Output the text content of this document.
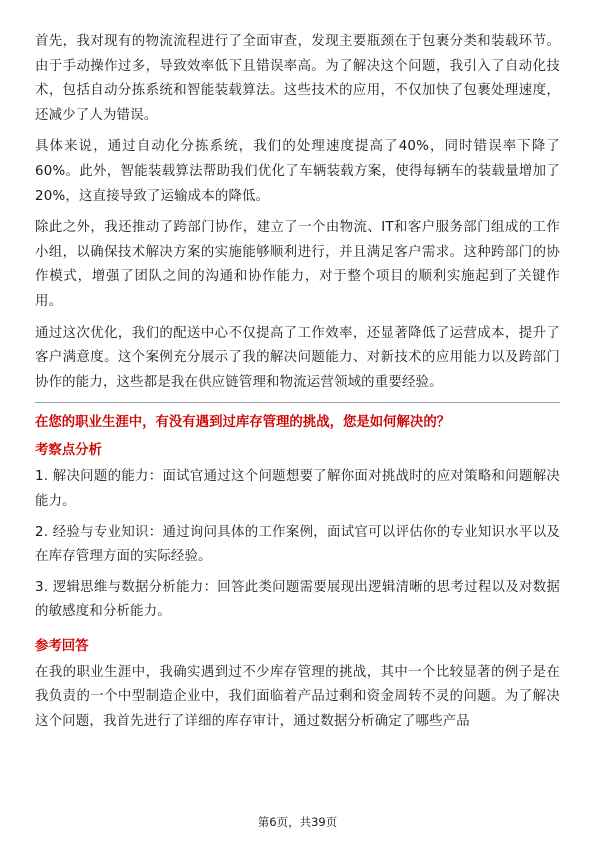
首先，我对现有的物流流程进行了全面审查，发现主要瓶颈在于包裹分类和装载环节。由于手动操作过多，导致效率低下且错误率高。为了解决这个问题，我引入了自动化技术，包括自动分拣系统和智能装载算法。这些技术的应用，不仅加快了包裹处理速度，还减少了人为错误。

具体来说，通过自动化分拣系统，我们的处理速度提高了40%，同时错误率下降了60%。此外，智能装载算法帮助我们优化了车辆装载方案，使得每辆车的装载量增加了20%，这直接导致了运输成本的降低。

除此之外，我还推动了跨部门协作，建立了一个由物流、IT和客户服务部门组成的工作小组，以确保技术解决方案的实施能够顺利进行，并且满足客户需求。这种跨部门的协作模式，增强了团队之间的沟通和协作能力，对于整个项目的顺利实施起到了关键作用。

通过这次优化，我们的配送中心不仅提高了工作效率，还显著降低了运营成本，提升了客户满意度。这个案例充分展示了我的解决问题能力、对新技术的应用能力以及跨部门协作的能力，这些都是我在供应链管理和物流运营领域的重要经验。

在您的职业生涯中，有没有遇到过库存管理的挑战，您是如何解决的？

考察点分析

1. 解决问题的能力：面试官通过这个问题想要了解你面对挑战时的应对策略和问题解决能力。

2. 经验与专业知识：通过询问具体的工作案例，面试官可以评估你的专业知识水平以及在库存管理方面的实际经验。

3. 逻辑思维与数据分析能力：回答此类问题需要展现出逻辑清晰的思考过程以及对数据的敏感度和分析能力。

参考回答

在我的职业生涯中，我确实遇到过不少库存管理的挑战，其中一个比较显著的例子是在我负责的一个中型制造企业中，我们面临着产品过剩和资金周转不灵的问题。为了解决这个问题，我首先进行了详细的库存审计，通过数据分析确定了哪些产品

第6页，共39页
